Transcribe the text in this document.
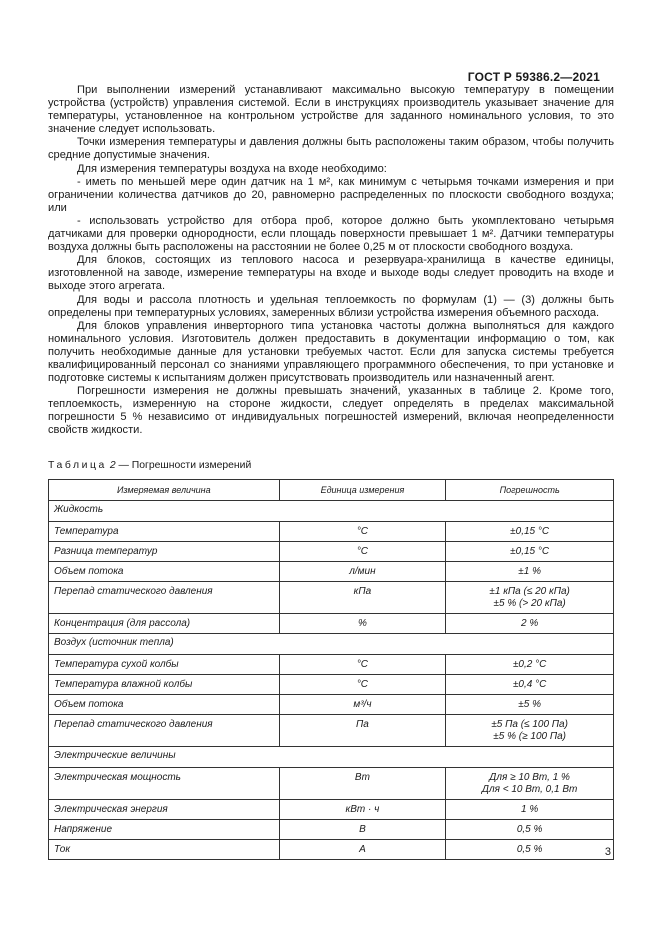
ГОСТ Р 59386.2—2021

При выполнении измерений устанавливают максимально высокую температуру в помещении устройства (устройств) управления системой. Если в инструкциях производитель указывает значение для температуры, установленное на контрольном устройстве для заданного номинального условия, то это значение следует использовать.

Точки измерения температуры и давления должны быть расположены таким образом, чтобы получить средние допустимые значения.

Для измерения температуры воздуха на входе необходимо:

- иметь по меньшей мере один датчик на 1 м², как минимум с четырьмя точками измерения и при ограничении количества датчиков до 20, равномерно распределенных по плоскости свободного воздуха; или

- использовать устройство для отбора проб, которое должно быть укомплектовано четырьмя датчиками для проверки однородности, если площадь поверхности превышает 1 м². Датчики температуры воздуха должны быть расположены на расстоянии не более 0,25 м от плоскости свободного воздуха.

Для блоков, состоящих из теплового насоса и резервуара-хранилища в качестве единицы, изготовленной на заводе, измерение температуры на входе и выходе воды следует проводить на входе и выходе этого агрегата.

Для воды и рассола плотность и удельная теплоемкость по формулам (1) — (3) должны быть определены при температурных условиях, замеренных вблизи устройства измерения объемного расхода.

Для блоков управления инверторного типа установка частоты должна выполняться для каждого номинального условия. Изготовитель должен предоставить в документации информацию о том, как получить необходимые данные для установки требуемых частот. Если для запуска системы требуется квалифицированный персонал со знаниями управляющего программного обеспечения, то при установке и подготовке системы к испытаниям должен присутствовать производитель или назначенный агент.

Погрешности измерения не должны превышать значений, указанных в таблице 2. Кроме того, теплоемкость, измеренную на стороне жидкости, следует определять в пределах максимальной погрешности 5 % независимо от индивидуальных погрешностей измерений, включая неопределенности свойств жидкости.

Таблица 2 — Погрешности измерений
Измеряемая величина	Единица измерения	Погрешность
Жидкость		
Температура	°C	±0,15 °C

Разница температур	°C	±0,15 °C

Объем потока	л/мин	±1 %

Перепад статического давления	кПа	±1 кПа (≤ 20 кПа)
±5 % (> 20 кПа)

Концентрация (для рассола)	%	2 %

Воздух (источник тепла)		
Температура сухой колбы	°C	±0,2 °C

Температура влажной колбы	°C	±0,4 °C

Объем потока	м³/ч	±5 %

Перепад статического давления	Па	±5 Па (≤ 100 Па)
±5 % (≥ 100 Па)

Электрические величины		
Электрическая мощность	Вт	Для ≥ 10 Вт, 1 %
Для < 10 Вт, 0,1 Вт

Электрическая энергия	кВт · ч	1 %

Напряжение	В	0,5 %

Ток	А	0,5 %	3
